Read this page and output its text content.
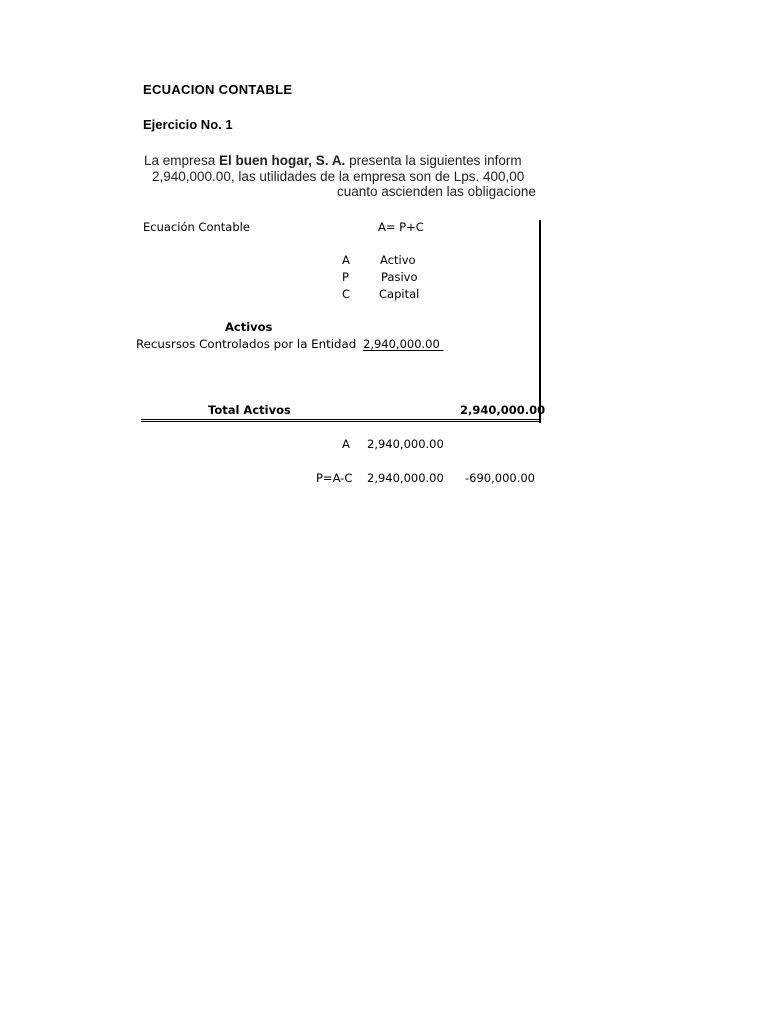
ECUACION CONTABLE
Ejercicio No. 1
La empresa El buen hogar, S. A. presenta la siguientes inform
2,940,000.00, las utilidades de la empresa son de Lps. 400,00
cuanto ascienden las obligacione
Ecuación Contable	A= P+C
A	Activo
P	Pasivo
C	Capital
Activos
Recusrsos Controlados por la Entidad 2,940,000.00
Total Activos	2,940,000.00
A 2,940,000.00
P=A-C 2,940,000.00 -690,000.00
